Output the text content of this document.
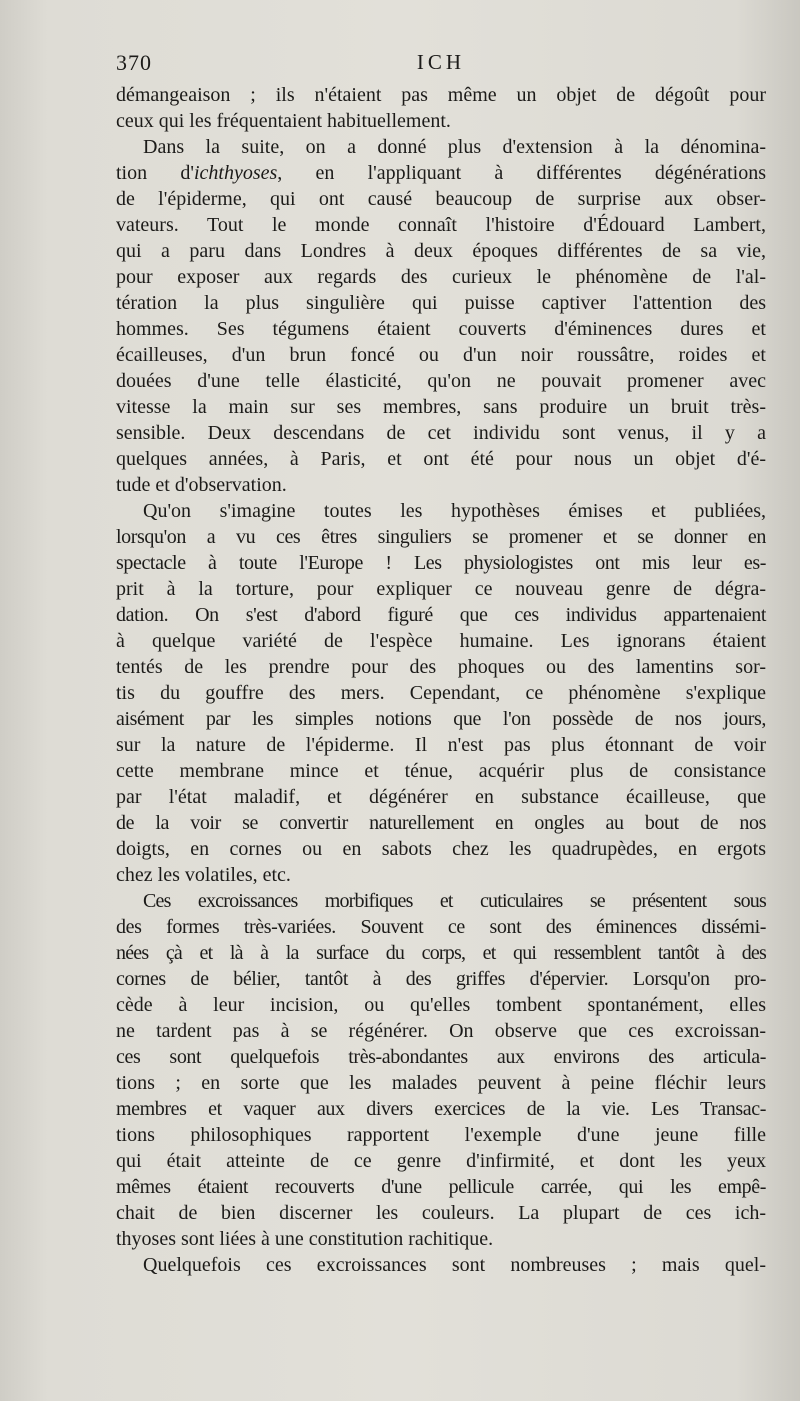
370	ICH
démangeaison ; ils n'étaient pas même un objet de dégoût pour
ceux qui les fréquentaient habituellement.
Dans la suite, on a donné plus d'extension à la dénomina-
tion d'ichthyoses, en l'appliquant à différentes dégénérations
de l'épiderme, qui ont causé beaucoup de surprise aux obser-
vateurs. Tout le monde connaît l'histoire d'Édouard Lambert,
qui a paru dans Londres à deux époques différentes de sa vie,
pour exposer aux regards des curieux le phénomène de l'al-
tération la plus singulière qui puisse captiver l'attention des
hommes. Ses tégumens étaient couverts d'éminences dures et
écailleuses, d'un brun foncé ou d'un noir roussâtre, roides et
douées d'une telle élasticité, qu'on ne pouvait promener avec
vitesse la main sur ses membres, sans produire un bruit très-
sensible. Deux descendans de cet individu sont venus, il y a
quelques années, à Paris, et ont été pour nous un objet d'é-
tude et d'observation.
Qu'on s'imagine toutes les hypothèses émises et publiées,
lorsqu'on a vu ces êtres singuliers se promener et se donner en
spectacle à toute l'Europe ! Les physiologistes ont mis leur es-
prit à la torture, pour expliquer ce nouveau genre de dégra-
dation. On s'est d'abord figuré que ces individus appartenaient
à quelque variété de l'espèce humaine. Les ignorans étaient
tentés de les prendre pour des phoques ou des lamentins sor-
tis du gouffre des mers. Cependant, ce phénomène s'explique
aisément par les simples notions que l'on possède de nos jours,
sur la nature de l'épiderme. Il n'est pas plus étonnant de voir
cette membrane mince et ténue, acquérir plus de consistance
par l'état maladif, et dégénérer en substance écailleuse, que
de la voir se convertir naturellement en ongles au bout de nos
doigts, en cornes ou en sabots chez les quadrupèdes, en ergots
chez les volatiles, etc.
Ces excroissances morbifiques et cuticulaires se présentent sous
des formes très-variées. Souvent ce sont des éminences dissémi-
nées çà et là à la surface du corps, et qui ressemblent tantôt à des
cornes de bélier, tantôt à des griffes d'épervier. Lorsqu'on pro-
cède à leur incision, ou qu'elles tombent spontanément, elles
ne tardent pas à se régénérer. On observe que ces excroissan-
ces sont quelquefois très-abondantes aux environs des articula-
tions ; en sorte que les malades peuvent à peine fléchir leurs
membres et vaquer aux divers exercices de la vie. Les Transac-
tions philosophiques rapportent l'exemple d'une jeune fille
qui était atteinte de ce genre d'infirmité, et dont les yeux
mêmes étaient recouverts d'une pellicule carrée, qui les empê-
chait de bien discerner les couleurs. La plupart de ces ich-
thyoses sont liées à une constitution rachitique.
Quelquefois ces excroissances sont nombreuses ; mais quel-
